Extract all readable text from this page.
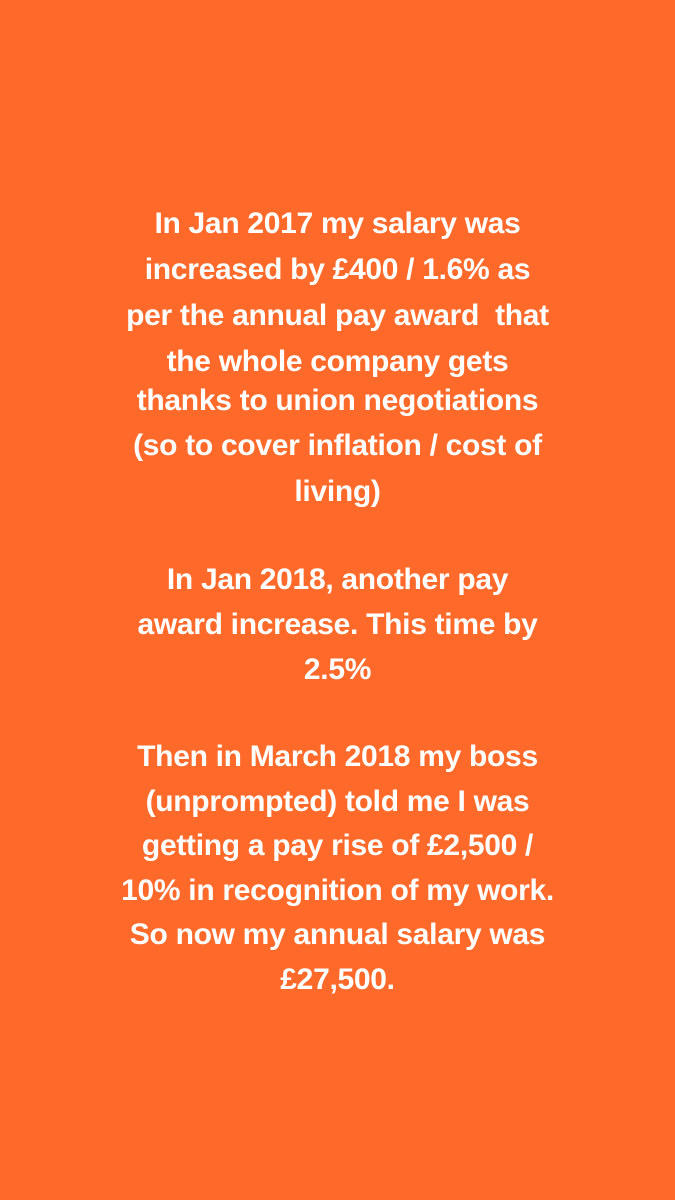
In Jan 2017 my salary was
increased by £400 / 1.6% as
per the annual pay award  that
the whole company gets
thanks to union negotiations
(so to cover inflation / cost of
living)
In Jan 2018, another pay
award increase. This time by
2.5%
Then in March 2018 my boss
(unprompted) told me I was
getting a pay rise of £2,500 /
10% in recognition of my work.
So now my annual salary was
£27,500.
